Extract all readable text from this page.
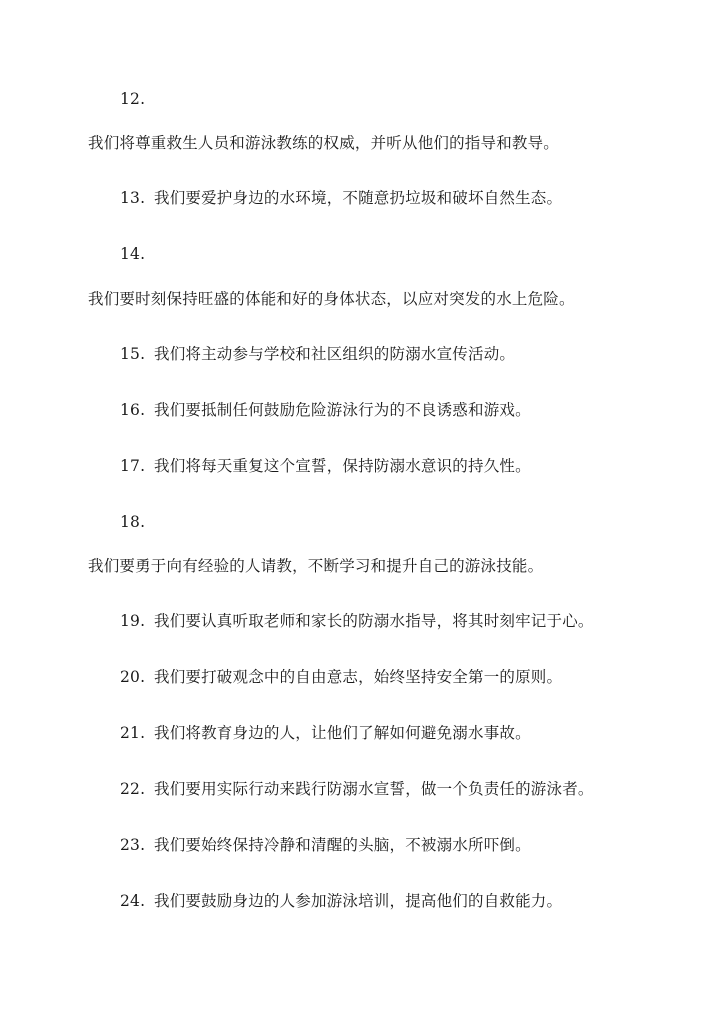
12.
我们将尊重救生人员和游泳教练的权威，并听从他们的指导和教导。
13. 我们要爱护身边的水环境，不随意扔垃圾和破坏自然生态。
14.
我们要时刻保持旺盛的体能和好的身体状态，以应对突发的水上危险。
15. 我们将主动参与学校和社区组织的防溺水宣传活动。
16. 我们要抵制任何鼓励危险游泳行为的不良诱惑和游戏。
17. 我们将每天重复这个宣誓，保持防溺水意识的持久性。
18.
我们要勇于向有经验的人请教，不断学习和提升自己的游泳技能。
19. 我们要认真听取老师和家长的防溺水指导，将其时刻牢记于心。
20. 我们要打破观念中的自由意志，始终坚持安全第一的原则。
21. 我们将教育身边的人，让他们了解如何避免溺水事故。
22. 我们要用实际行动来践行防溺水宣誓，做一个负责任的游泳者。
23. 我们要始终保持冷静和清醒的头脑，不被溺水所吓倒。
24. 我们要鼓励身边的人参加游泳培训，提高他们的自救能力。
